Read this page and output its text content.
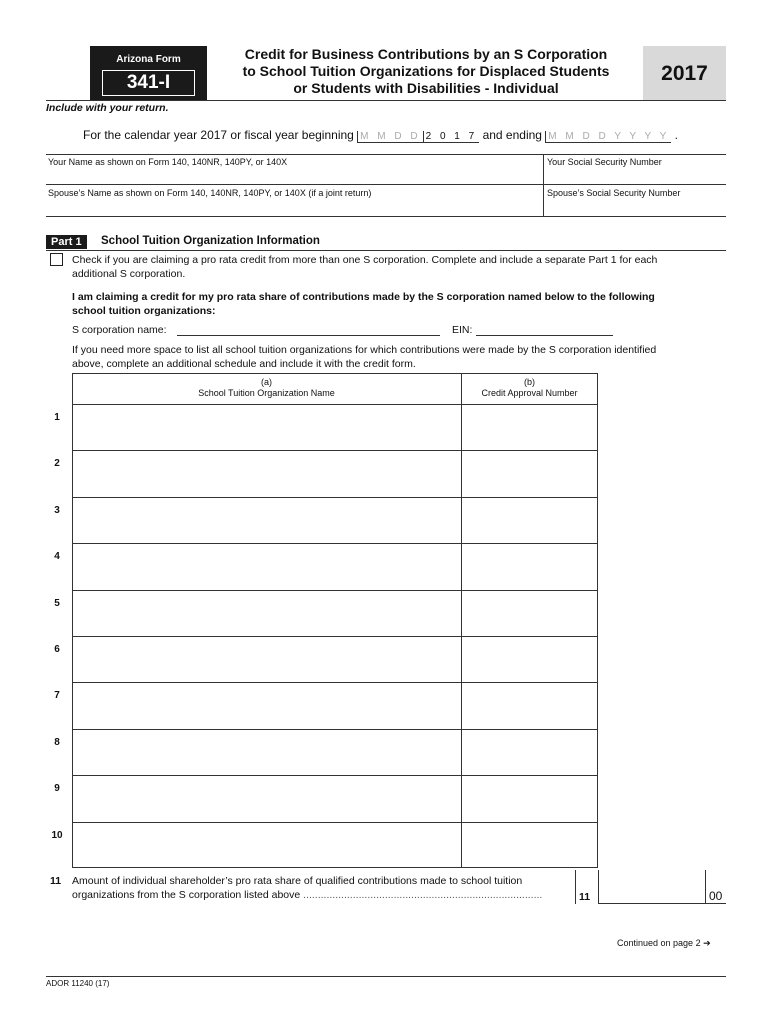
Arizona Form
341-I
Credit for Business Contributions by an S Corporation
to School Tuition Organizations for Displaced Students
or Students with Disabilities - Individual
2017
Include with your return.
For the calendar year 2017 or fiscal year beginning M M D D 2 0 1 7 and ending M M D D Y Y Y Y .
Your Name as shown on Form 140, 140NR, 140PY, or 140X	Your Social Security Number
Spouse’s Name as shown on Form 140, 140NR, 140PY, or 140X (if a joint return)	Spouse’s Social Security Number
Part 1	School Tuition Organization Information
Check if you are claiming a pro rata credit from more than one S corporation. Complete and include a separate Part 1 for each
additional S corporation.
I am claiming a credit for my pro rata share of contributions made by the S corporation named below to the following
school tuition organizations:
S corporation name:	EIN:
If you need more space to list all school tuition organizations for which contributions were made by the S corporation identified
above, complete an additional schedule and include it with the credit form.
(a)
School Tuition Organization Name
(b)
Credit Approval Number
1
2
3
4
5
6
7
8
9
10
11 Amount of individual shareholder’s pro rata share of qualified contributions made to school tuition
organizations from the S corporation listed above ..................................................................................	11	00
Continued on page 2 ➔
ADOR 11240 (17)
